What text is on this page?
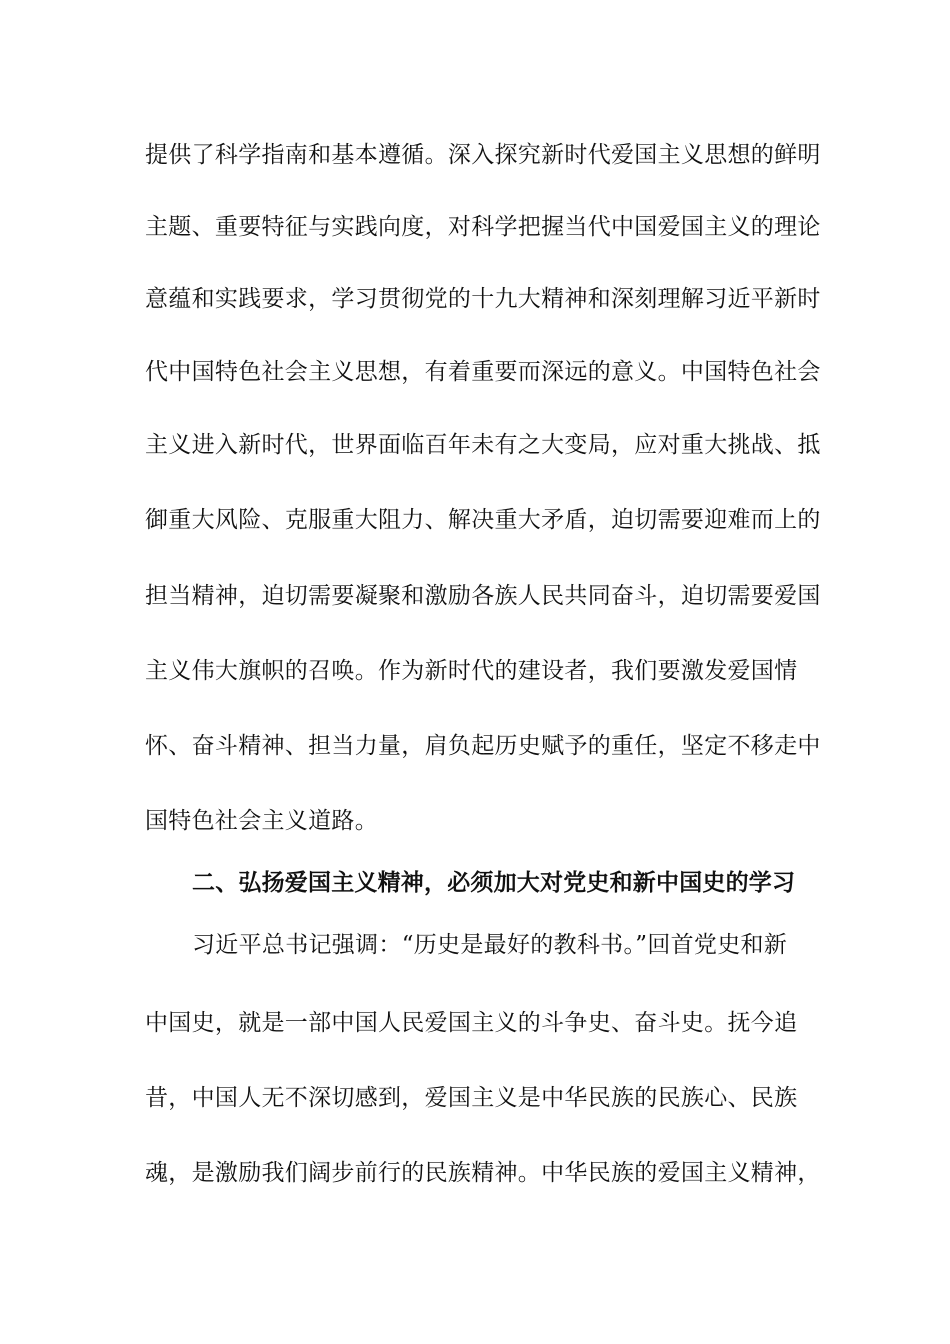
提供了科学指南和基本遵循。深入探究新时代爱国主义思想的鲜明
主题、重要特征与实践向度，对科学把握当代中国爱国主义的理论
意蕴和实践要求，学习贯彻党的十九大精神和深刻理解习近平新时
代中国特色社会主义思想，有着重要而深远的意义。中国特色社会
主义进入新时代，世界面临百年未有之大变局，应对重大挑战、抵
御重大风险、克服重大阻力、解决重大矛盾，迫切需要迎难而上的
担当精神，迫切需要凝聚和激励各族人民共同奋斗，迫切需要爱国
主义伟大旗帜的召唤。作为新时代的建设者，我们要激发爱国情
怀、奋斗精神、担当力量，肩负起历史赋予的重任，坚定不移走中
国特色社会主义道路。
二、弘扬爱国主义精神，必须加大对党史和新中国史的学习
习近平总书记强调：“历史是最好的教科书。”回首党史和新
中国史，就是一部中国人民爱国主义的斗争史、奋斗史。抚今追
昔，中国人无不深切感到，爱国主义是中华民族的民族心、民族
魂，是激励我们阔步前行的民族精神。中华民族的爱国主义精神，
